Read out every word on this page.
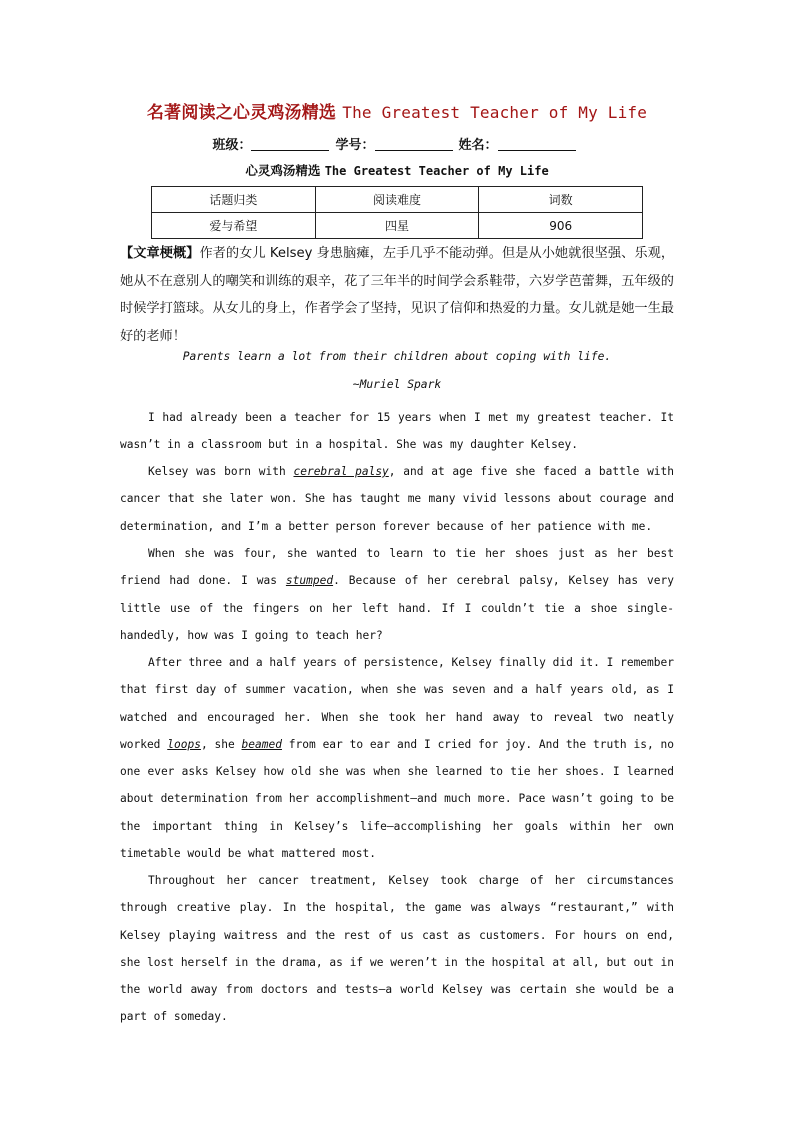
名著阅读之心灵鸡汤精选 The Greatest Teacher of My Life
班级：	学号：	姓名：
心灵鸡汤精选 The Greatest Teacher of My Life
话题归类	阅读难度	词数
爱与希望	四星	906
【文章梗概】作者的女儿 Kelsey 身患脑瘫，左手几乎不能动弹。但是从小她就很坚强、乐观，她从不在意别人的嘲笑和训练的艰辛，花了三年半的时间学会系鞋带，六岁学芭蕾舞，五年级的时候学打篮球。从女儿的身上，作者学会了坚持，见识了信仰和热爱的力量。女儿就是她一生最好的老师！
Parents learn a lot from their children about coping with life.
~Muriel Spark
I had already been a teacher for 15 years when I met my greatest teacher. It wasn’t in a classroom but in a hospital. She was my daughter Kelsey.
Kelsey was born with cerebral palsy, and at age five she faced a battle with cancer that she later won. She has taught me many vivid lessons about courage and determination, and I’m a better person forever because of her patience with me.
When she was four, she wanted to learn to tie her shoes just as her best friend had done. I was stumped. Because of her cerebral palsy, Kelsey has very little use of the fingers on her left hand. If I couldn’t tie a shoe single-handedly, how was I going to teach her?
After three and a half years of persistence, Kelsey finally did it. I remember that first day of summer vacation, when she was seven and a half years old, as I watched and encouraged her. When she took her hand away to reveal two neatly worked loops, she beamed from ear to ear and I cried for joy. And the truth is, no one ever asks Kelsey how old she was when she learned to tie her shoes. I learned about determination from her accomplishment—and much more. Pace wasn’t going to be the important thing in Kelsey’s life—accomplishing her goals within her own timetable would be what mattered most.
Throughout her cancer treatment, Kelsey took charge of her circumstances through creative play. In the hospital, the game was always “restaurant,” with Kelsey playing waitress and the rest of us cast as customers. For hours on end, she lost herself in the drama, as if we weren’t in the hospital at all, but out in the world away from doctors and tests—a world Kelsey was certain she would be a part of someday.
